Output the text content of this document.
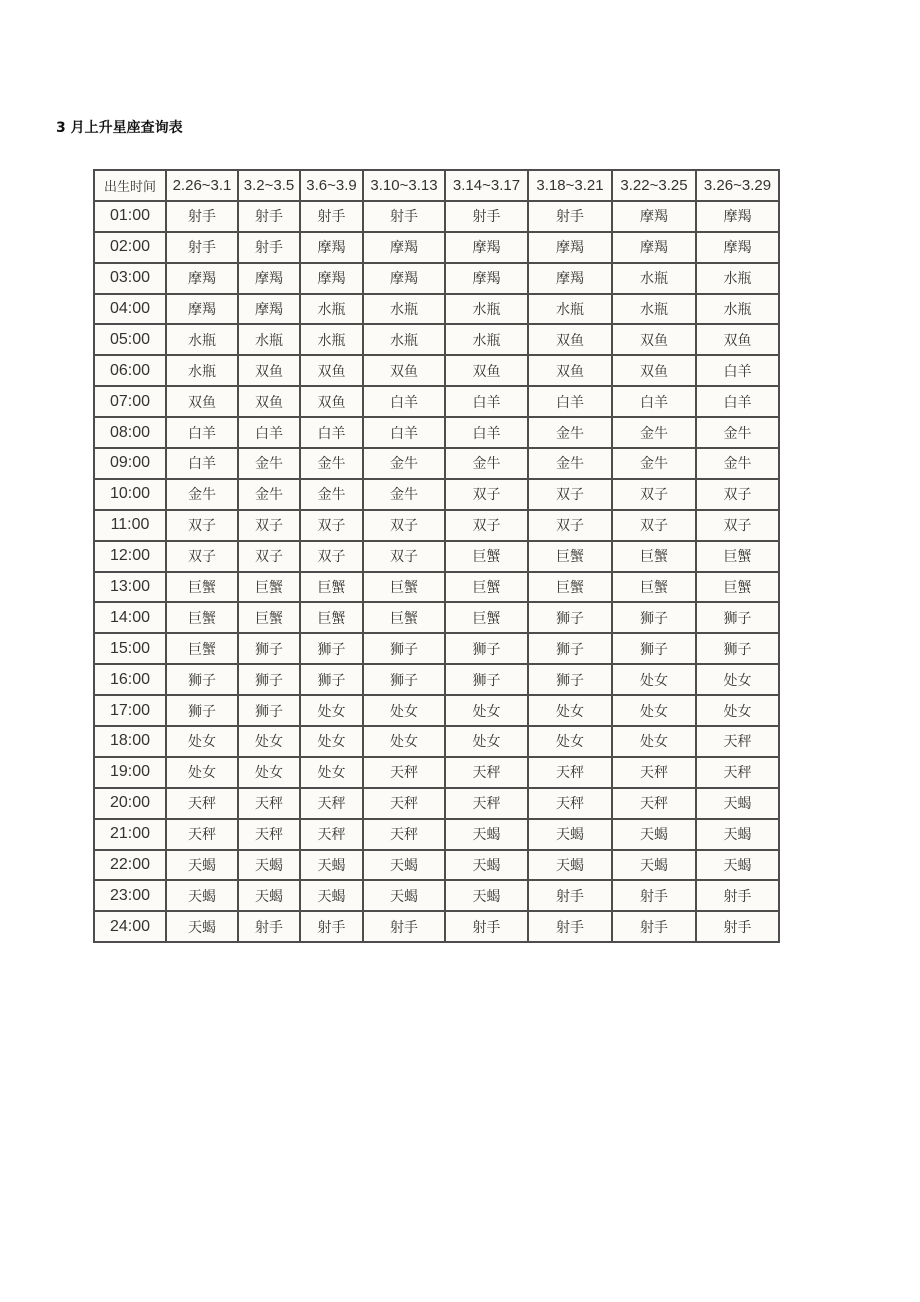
3 月上升星座查询表
出生时间	2.26~3.1	3.2~3.5	3.6~3.9	3.10~3.13	3.14~3.17	3.18~3.21	3.22~3.25	3.26~3.29
01:00	射手	射手	射手	射手	射手	射手	摩羯	摩羯
02:00	射手	射手	摩羯	摩羯	摩羯	摩羯	摩羯	摩羯
03:00	摩羯	摩羯	摩羯	摩羯	摩羯	摩羯	水瓶	水瓶
04:00	摩羯	摩羯	水瓶	水瓶	水瓶	水瓶	水瓶	水瓶
05:00	水瓶	水瓶	水瓶	水瓶	水瓶	双鱼	双鱼	双鱼
06:00	水瓶	双鱼	双鱼	双鱼	双鱼	双鱼	双鱼	白羊
07:00	双鱼	双鱼	双鱼	白羊	白羊	白羊	白羊	白羊
08:00	白羊	白羊	白羊	白羊	白羊	金牛	金牛	金牛
09:00	白羊	金牛	金牛	金牛	金牛	金牛	金牛	金牛
10:00	金牛	金牛	金牛	金牛	双子	双子	双子	双子
11:00	双子	双子	双子	双子	双子	双子	双子	双子
12:00	双子	双子	双子	双子	巨蟹	巨蟹	巨蟹	巨蟹
13:00	巨蟹	巨蟹	巨蟹	巨蟹	巨蟹	巨蟹	巨蟹	巨蟹
14:00	巨蟹	巨蟹	巨蟹	巨蟹	巨蟹	狮子	狮子	狮子
15:00	巨蟹	狮子	狮子	狮子	狮子	狮子	狮子	狮子
16:00	狮子	狮子	狮子	狮子	狮子	狮子	处女	处女
17:00	狮子	狮子	处女	处女	处女	处女	处女	处女
18:00	处女	处女	处女	处女	处女	处女	处女	天秤
19:00	处女	处女	处女	天秤	天秤	天秤	天秤	天秤
20:00	天秤	天秤	天秤	天秤	天秤	天秤	天秤	天蝎
21:00	天秤	天秤	天秤	天秤	天蝎	天蝎	天蝎	天蝎
22:00	天蝎	天蝎	天蝎	天蝎	天蝎	天蝎	天蝎	天蝎
23:00	天蝎	天蝎	天蝎	天蝎	天蝎	射手	射手	射手
24:00	天蝎	射手	射手	射手	射手	射手	射手	射手
